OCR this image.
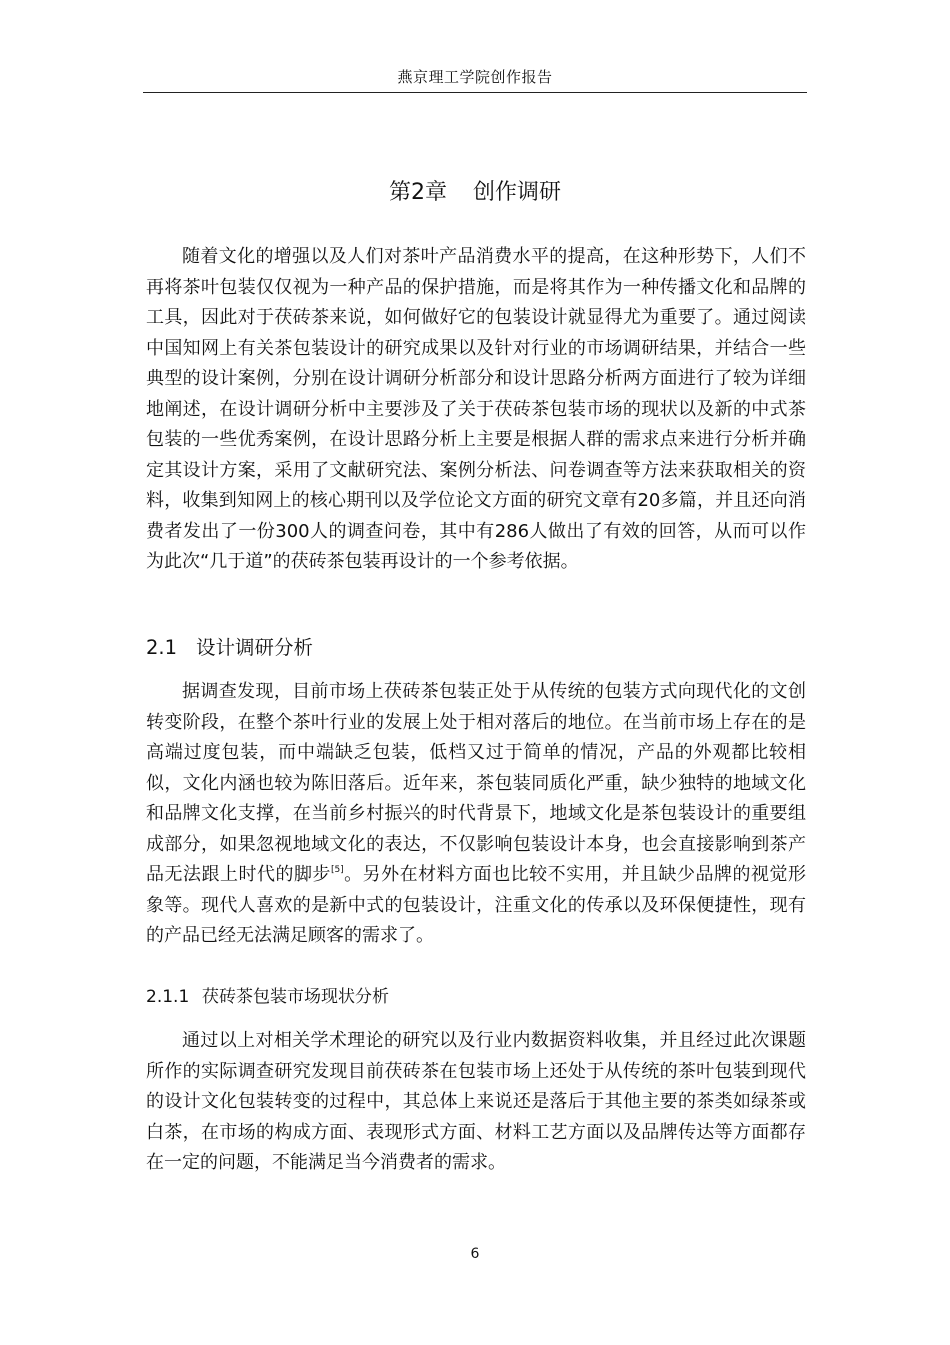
燕京理工学院创作报告
第2章 创作调研

随着文化的增强以及人们对茶叶产品消费水平的提高，在这种形势下，人们不再将茶叶包装仅仅视为一种产品的保护措施，而是将其作为一种传播文化和品牌的工具，因此对于茯砖茶来说，如何做好它的包装设计就显得尤为重要了。通过阅读中国知网上有关茶包装设计的研究成果以及针对行业的市场调研结果，并结合一些典型的设计案例，分别在设计调研分析部分和设计思路分析两方面进行了较为详细地阐述，在设计调研分析中主要涉及了关于茯砖茶包装市场的现状以及新的中式茶包装的一些优秀案例，在设计思路分析上主要是根据人群的需求点来进行分析并确定其设计方案，采用了文献研究法、案例分析法、问卷调查等方法来获取相关的资料，收集到知网上的核心期刊以及学位论文方面的研究文章有20多篇，并且还向消费者发出了一份300人的调查问卷，其中有286人做出了有效的回答，从而可以作为此次“几于道”的茯砖茶包装再设计的一个参考依据。

2.1 设计调研分析

据调查发现，目前市场上茯砖茶包装正处于从传统的包装方式向现代化的文创转变阶段，在整个茶叶行业的发展上处于相对落后的地位。在当前市场上存在的是高端过度包装，而中端缺乏包装，低档又过于简单的情况，产品的外观都比较相似，文化内涵也较为陈旧落后。近年来，茶包装同质化严重，缺少独特的地域文化和品牌文化支撑，在当前乡村振兴的时代背景下，地域文化是茶包装设计的重要组成部分，如果忽视地域文化的表达，不仅影响包装设计本身，也会直接影响到茶产品无法跟上时代的脚步[5]。另外在材料方面也比较不实用，并且缺少品牌的视觉形象等。现代人喜欢的是新中式的包装设计，注重文化的传承以及环保便捷性，现有的产品已经无法满足顾客的需求了。

2.1.1 茯砖茶包装市场现状分析

通过以上对相关学术理论的研究以及行业内数据资料收集，并且经过此次课题所作的实际调查研究发现目前茯砖茶在包装市场上还处于从传统的茶叶包装到现代的设计文化包装转变的过程中，其总体上来说还是落后于其他主要的茶类如绿茶或白茶，在市场的构成方面、表现形式方面、材料工艺方面以及品牌传达等方面都存在一定的问题，不能满足当今消费者的需求。

6
